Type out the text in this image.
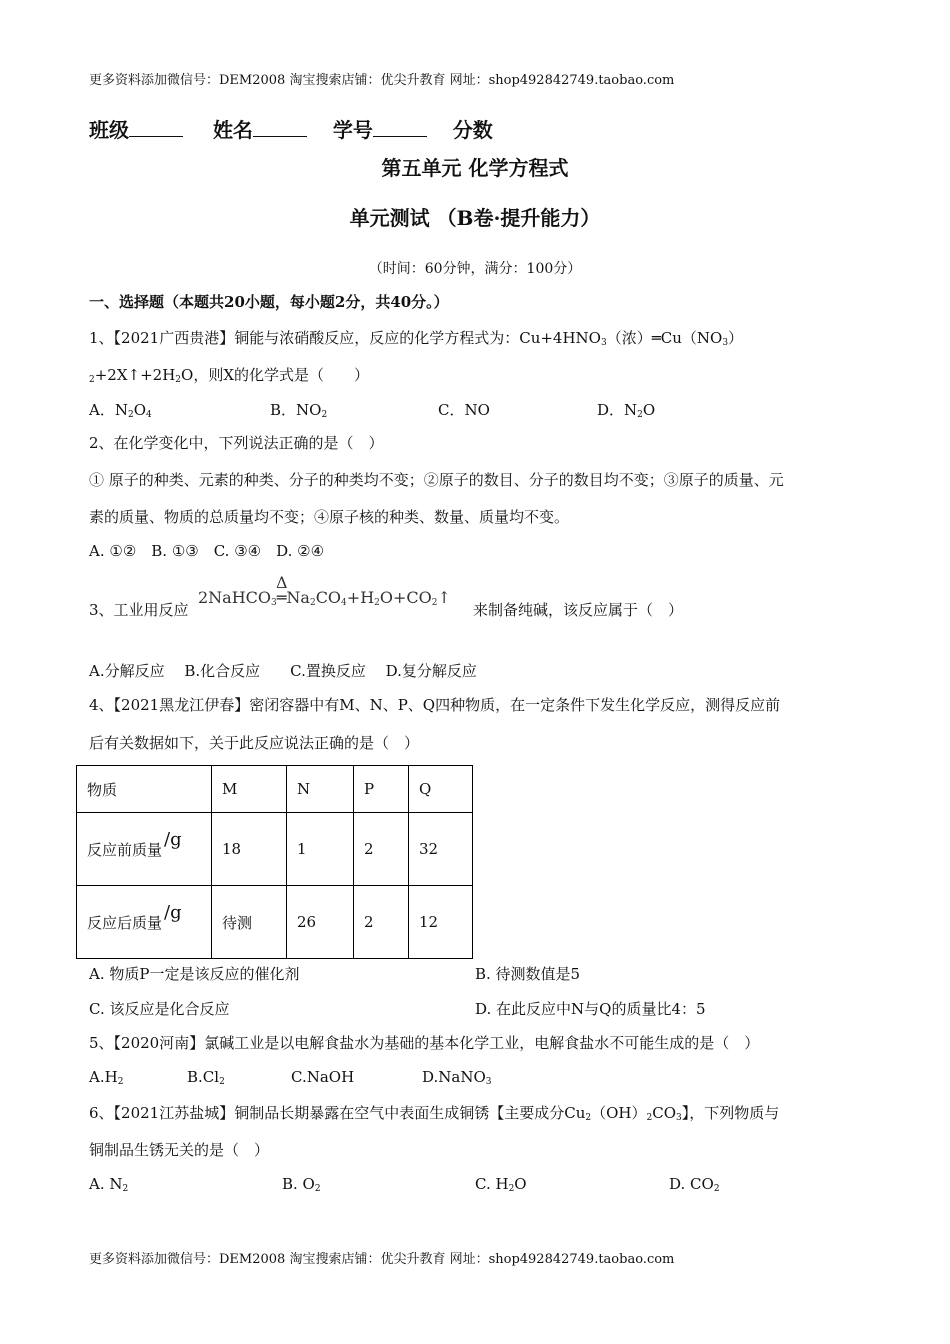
更多资料添加微信号：DEM2008 淘宝搜索店铺：优尖升教育 网址：shop492842749.taobao.com
班级	姓名	学号	分数
第五单元 化学方程式
单元测试 （B卷·提升能力）
（时间：60分钟，满分：100分）
一、选择题（本题共20小题，每小题2分，共40分。）
1、【2021广西贵港】铜能与浓硝酸反应，反应的化学方程式为：$Cu+4HNO_3$（浓）$═Cu(NO_3)$
$_2+2X↑+2H_2O$，则X的化学式是（　　）
A．$N_2O_4$	B．$NO_2$	C．NO	D．$N_2O$
2、在化学变化中，下列说法正确的是（　）
① 原子的种类、元素的种类、分子的种类均不变；②原子的数目、分子的数目均不变；③原子的质量、元
素的质量、物质的总质量均不变；④原子核的种类、数量、质量均不变。
A. ①②　B. ①③　C. ③④　D. ②④
3、工业用反应
Δ
$2NaHCO_3═Na_2CO_4+H_2O+CO_2↑$
来制备纯碱，该反应属于（　）
A.分解反应　 B.化合反应　　C.置换反应　 D.复分解反应
4、【2021黑龙江伊春】密闭容器中有M、N、P、Q四种物质，在一定条件下发生化学反应，测得反应前
后有关数据如下，关于此反应说法正确的是（　）
物质	M	N	P	Q
反应前质量 /g	18	1	2	32
反应后质量 /g	待测	26	2	12
A. 物质P一定是该反应的催化剂	B. 待测数值是5
C. 该反应是化合反应	D. 在此反应中N与Q的质量比4：5
5、【2020河南】氯碱工业是以电解食盐水为基础的基本化学工业，电解食盐水不可能生成的是（　）
$A.H_2$	$B.Cl_2$	C.NaOH	D.NaNO$_3$
6、【2021江苏盐城】铜制品长期暴露在空气中表面生成铜锈【主要成分$Cu_2(OH)_2CO_3$】，下列物质与
铜制品生锈无关的是（　）
A. $N_2$	B. $O_2$	C. $H_2O$	D. $CO_2$
更多资料添加微信号：DEM2008 淘宝搜索店铺：优尖升教育 网址：shop492842749.taobao.com
